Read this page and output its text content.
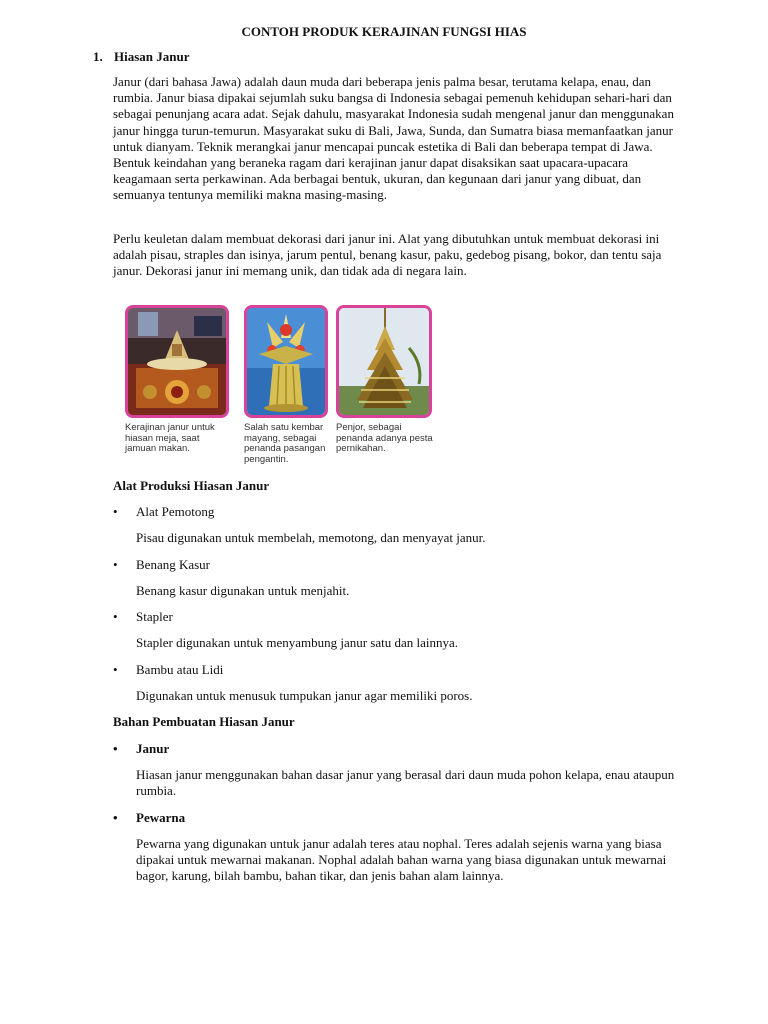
CONTOH PRODUK KERAJINAN FUNGSI HIAS
1. Hiasan Janur

Janur (dari bahasa Jawa) adalah daun muda dari beberapa jenis palma besar, terutama kelapa, enau, dan rumbia. Janur biasa dipakai sejumlah suku bangsa di Indonesia sebagai pemenuh kehidupan sehari-hari dan sebagai penunjang acara adat. Sejak dahulu, masyarakat Indonesia sudah mengenal janur dan menggunakan janur hingga turun-temurun. Masyarakat suku di Bali, Jawa, Sunda, dan Sumatra biasa memanfaatkan janur untuk dianyam. Teknik merangkai janur mencapai puncak estetika di Bali dan beberapa tempat di Jawa. Bentuk keindahan yang beraneka ragam dari kerajinan janur dapat disaksikan saat upacara-upacara keagamaan serta perkawinan. Ada berbagai bentuk, ukuran, dan kegunaan dari janur yang dibuat, dan semuanya tentunya memiliki makna masing-masing.

Perlu keuletan dalam membuat dekorasi dari janur ini. Alat yang dibutuhkan untuk membuat dekorasi ini adalah pisau, straples dan isinya, jarum pentul, benang kasur, paku, gedebog pisang, bokor, dan tentu saja janur. Dekorasi janur ini memang unik, dan tidak ada di negara lain.

Kerajinan janur untuk hiasan meja, saat jamuan makan.
Salah satu kembar mayang, sebagai penanda pasangan pengantin.
Penjor, sebagai penanda adanya pesta pernikahan.
Alat Produksi Hiasan Janur
• Alat Pemotong

Pisau digunakan untuk membelah, memotong, dan menyayat janur.

• Benang Kasur

Benang kasur digunakan untuk menjahit.

• Stapler

Stapler digunakan untuk menyambung janur satu dan lainnya.

• Bambu atau Lidi

Digunakan untuk menusuk tumpukan janur agar memiliki poros.

Bahan Pembuatan Hiasan Janur
• Janur

Hiasan janur menggunakan bahan dasar janur yang berasal dari daun muda pohon kelapa, enau ataupun rumbia.

• Pewarna

Pewarna yang digunakan untuk janur adalah teres atau nophal. Teres adalah sejenis warna yang biasa dipakai untuk mewarnai makanan. Nophal adalah bahan warna yang biasa digunakan untuk mewarnai bagor, karung, bilah bambu, bahan tikar, dan jenis bahan alam lainnya.
